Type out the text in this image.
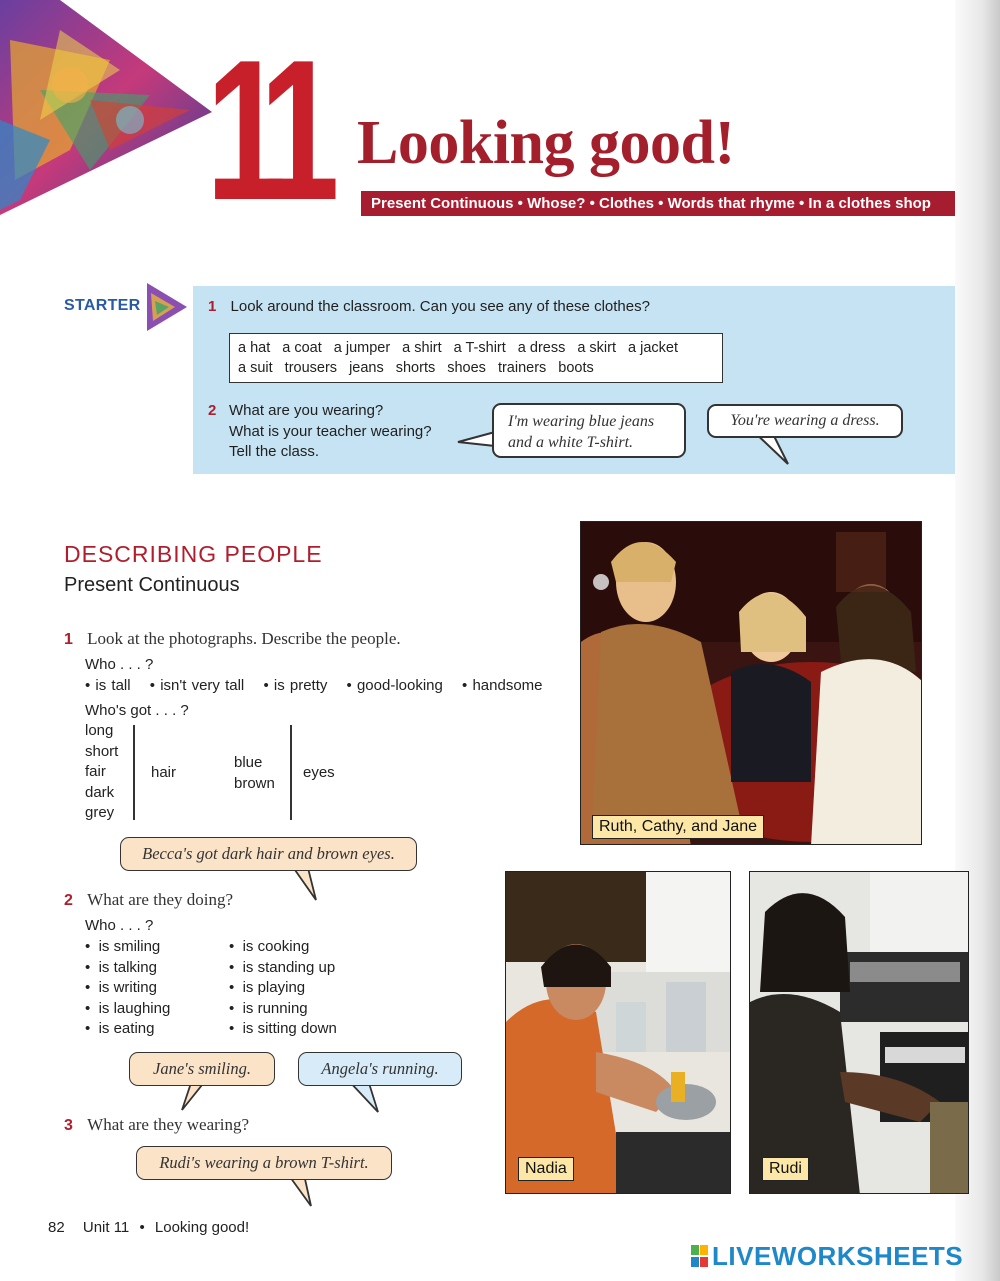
11 Looking good!
Present Continuous • Whose? • Clothes • Words that rhyme • In a clothes shop
STARTER	1 Look around the classroom. Can you see any of these clothes?
a hat a coat a jumper a shirt a T-shirt a dress a skirt a jacket
a suit trousers jeans shorts shoes trainers boots
2 What are you wearing?
What is your teacher wearing?
Tell the class.
I'm wearing blue jeans
and a white T-shirt.
You're wearing a dress.
DESCRIBING PEOPLE
Present Continuous
1 Look at the photographs. Describe the people.
Who . . . ?
• is tall • isn't very tall • is pretty • good-looking • handsome
Who's got . . . ?
long
short
fair
dark
grey
hair
blue
brown
eyes
Becca's got dark hair and brown eyes.
2 What are they doing?
Who . . . ?
•  is smiling
•  is talking
•  is writing
•  is laughing
•  is eating
•  is cooking
•  is standing up
•  is playing
•  is running
•  is sitting down
Jane's smiling.	Angela's running.
3 What are they wearing?
Rudi's wearing a brown T-shirt.
Ruth, Cathy, and Jane
Nadia	Rudi
82 Unit 11 • Looking good!
LIVEWORKSHEETS
